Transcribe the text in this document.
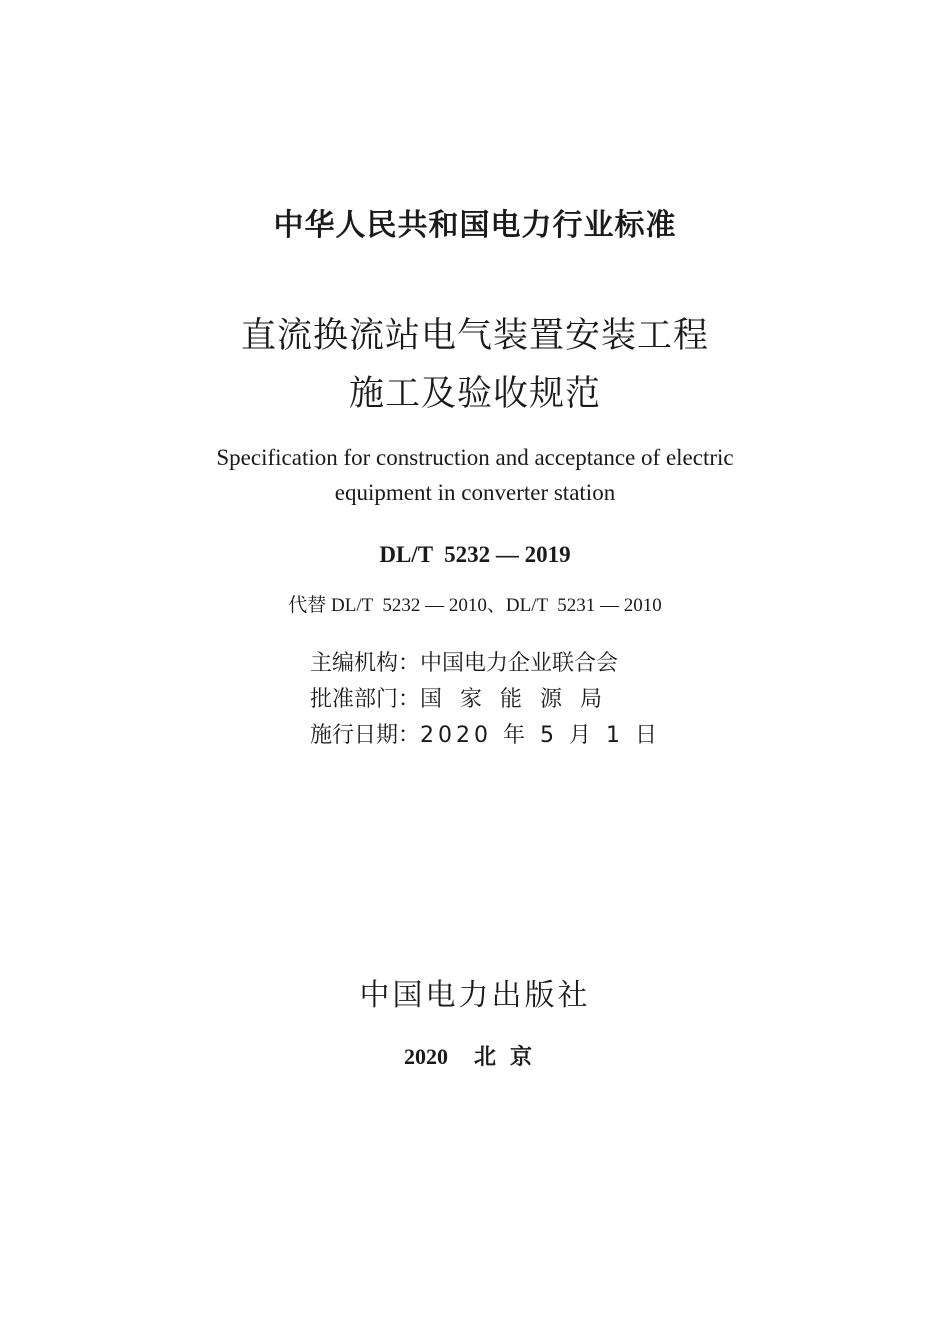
中华人民共和国电力行业标准
直流换流站电气装置安装工程
施工及验收规范
Specification for construction and acceptance of electric
equipment in converter station
DL/T  5232 — 2019
代替 DL/T  5232 — 2010、DL/T  5231 — 2010
主编机构：中国电力企业联合会
批准部门：国家能源局
施行日期：2020 年 5 月 1 日
中国电力出版社
2020 北京
